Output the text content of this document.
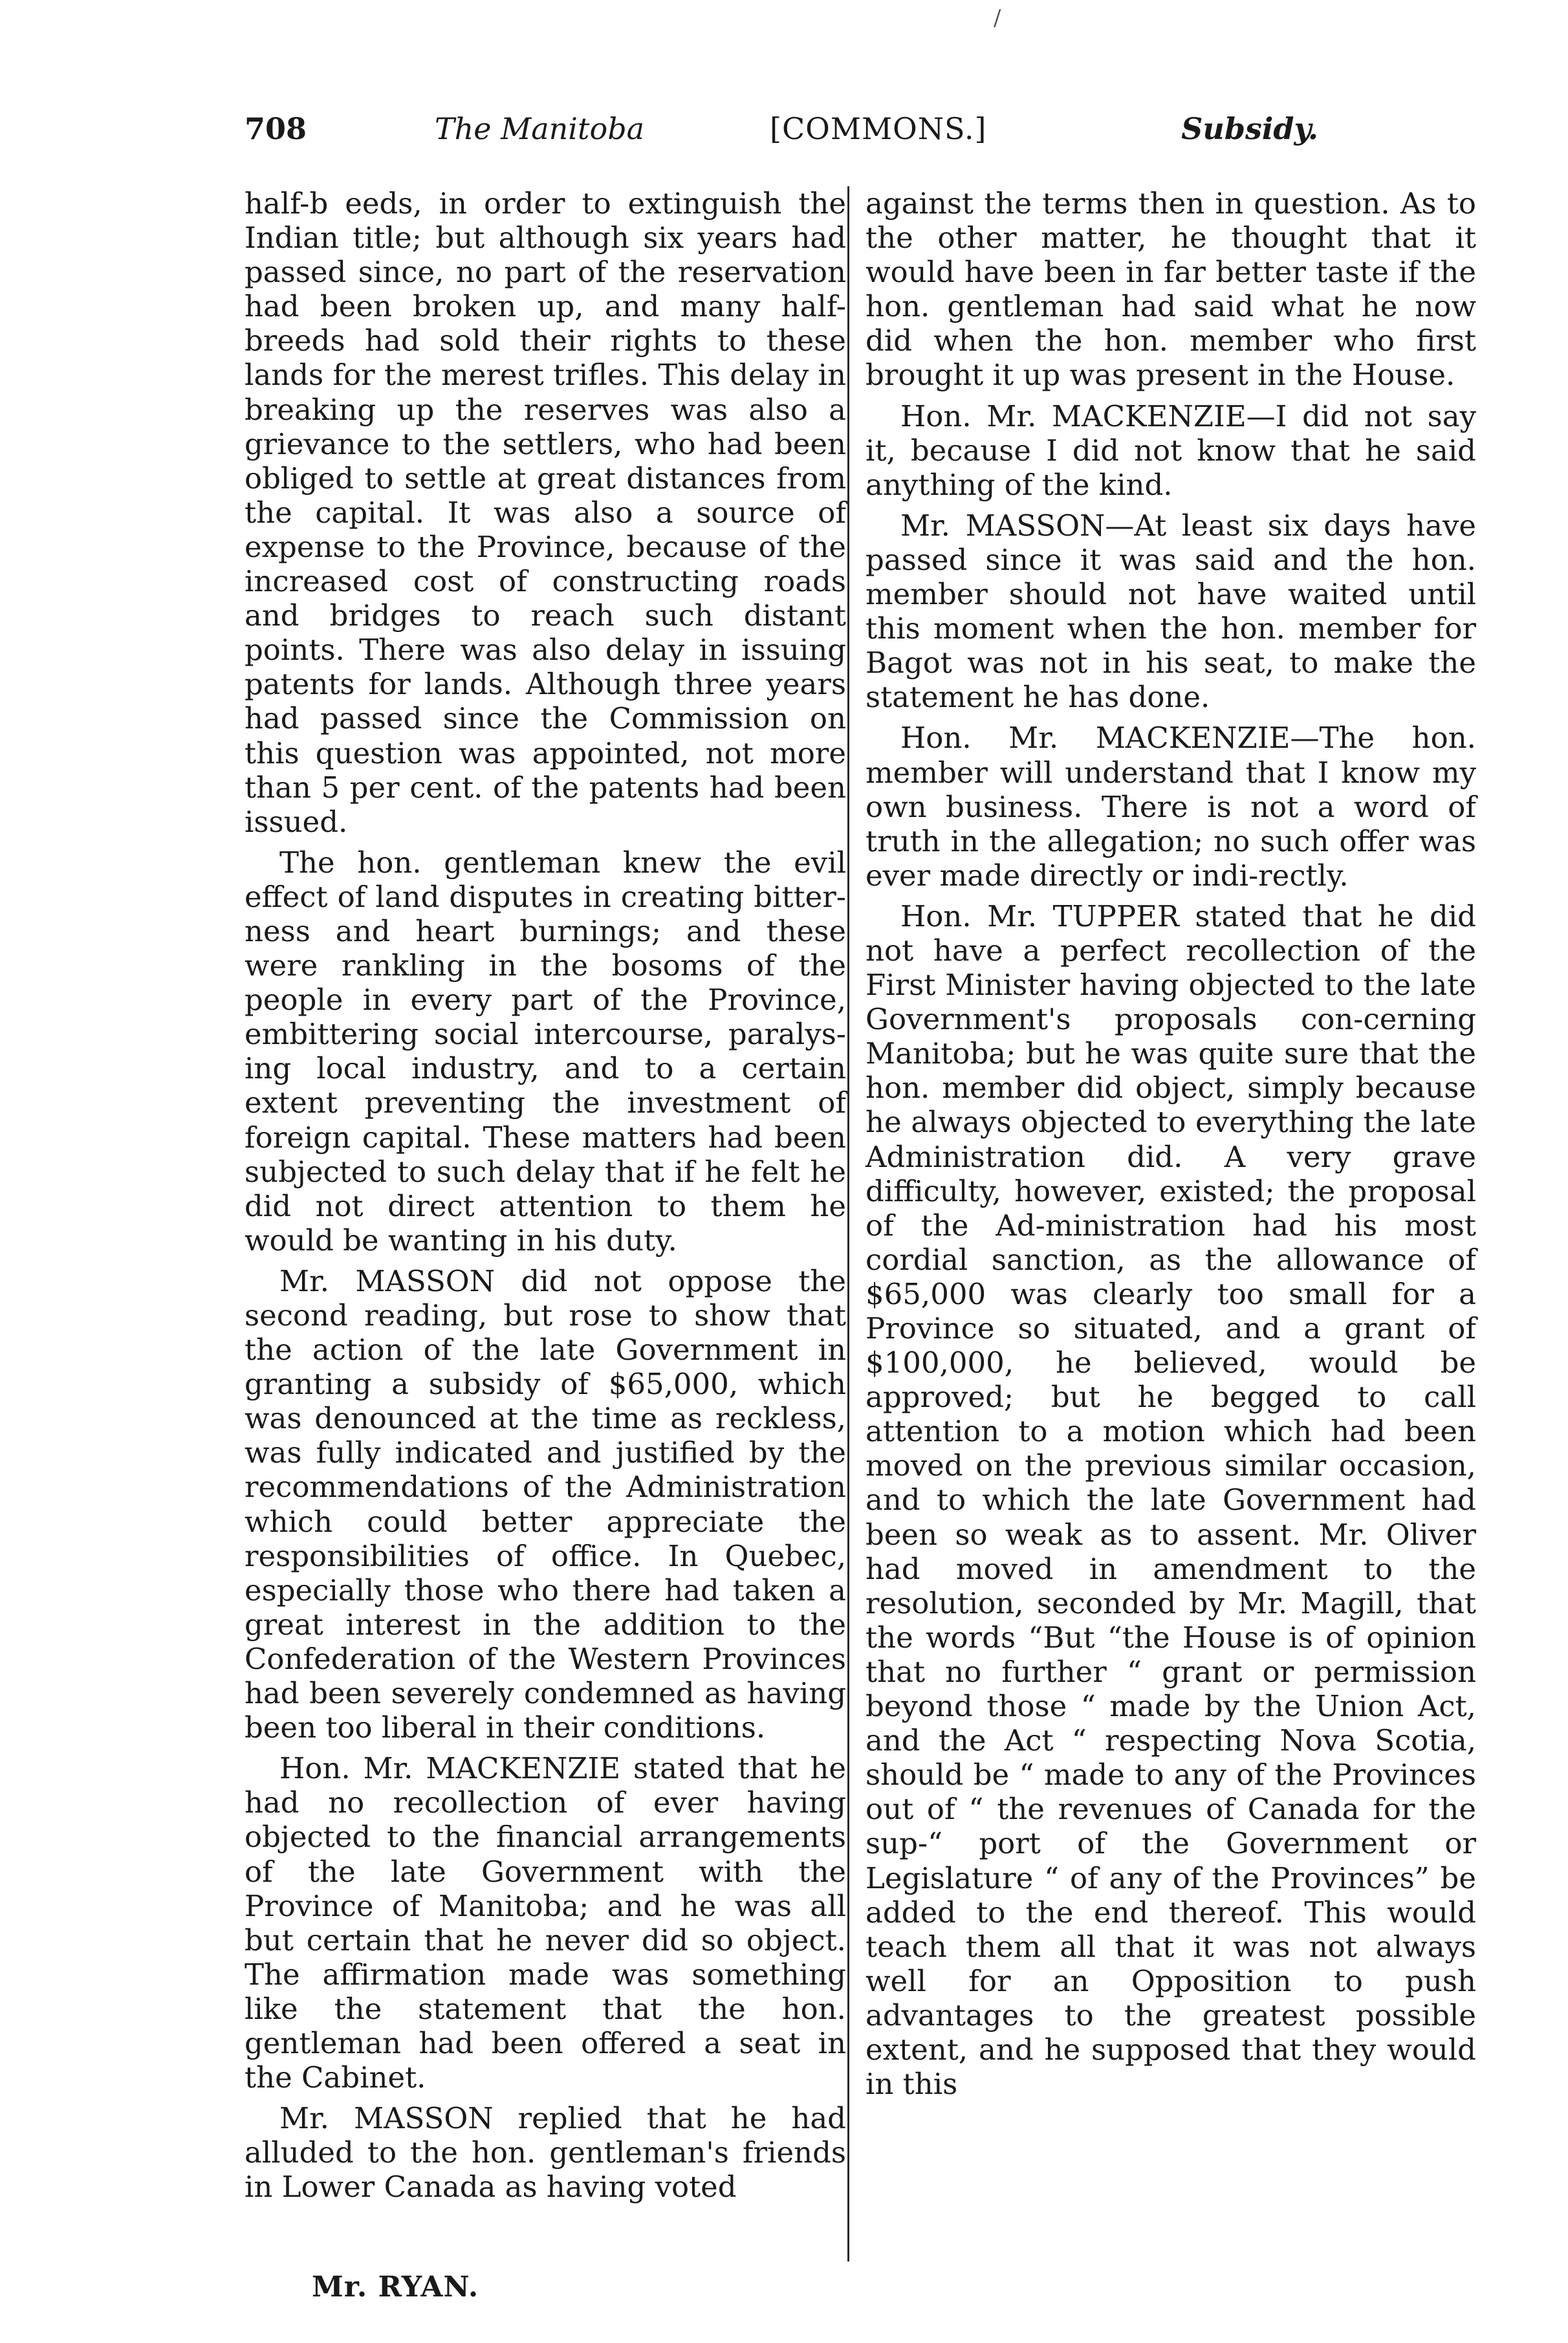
/
708	The Manitoba	[COMMONS.]	Subsidy.

half-b eeds, in order to extinguish the Indian title; but although six years had passed since, no part of the reservation had been broken up, and many half-breeds had sold their rights to these lands for the merest trifles. This delay in breaking up the reserves was also a grievance to the settlers, who had been obliged to settle at great distances from the capital. It was also a source of expense to the Province, because of the increased cost of constructing roads and bridges to reach such distant points. There was also delay in issuing patents for lands. Although three years had passed since the Commission on this question was appointed, not more than 5 per cent. of the patents had been issued.

The hon. gentleman knew the evil effect of land disputes in creating bitter-ness and heart burnings; and these were rankling in the bosoms of the people in every part of the Province, embittering social intercourse, paralys-ing local industry, and to a certain extent preventing the investment of foreign capital. These matters had been subjected to such delay that if he felt he did not direct attention to them he would be wanting in his duty.

Mr. MASSON did not oppose the second reading, but rose to show that the action of the late Government in granting a subsidy of $65,000, which was denounced at the time as reckless, was fully indicated and justified by the recommendations of the Administration which could better appreciate the responsibilities of office. In Quebec, especially those who there had taken a great interest in the addition to the Confederation of the Western Provinces had been severely condemned as having been too liberal in their conditions.

Hon. Mr. MACKENZIE stated that he had no recollection of ever having objected to the financial arrangements of the late Government with the Province of Manitoba; and he was all but certain that he never did so object. The affirmation made was something like the statement that the hon. gentleman had been offered a seat in the Cabinet.

Mr. MASSON replied that he had alluded to the hon. gentleman's friends in Lower Canada as having voted

against the terms then in question. As to the other matter, he thought that it would have been in far better taste if the hon. gentleman had said what he now did when the hon. member who first brought it up was present in the House.

Hon. Mr. MACKENZIE—I did not say it, because I did not know that he said anything of the kind.

Mr. MASSON—At least six days have passed since it was said and the hon. member should not have waited until this moment when the hon. member for Bagot was not in his seat, to make the statement he has done.

Hon. Mr. MACKENZIE—The hon. member will understand that I know my own business. There is not a word of truth in the allegation; no such offer was ever made directly or indi-rectly.

Hon. Mr. TUPPER stated that he did not have a perfect recollection of the First Minister having objected to the late Government's proposals con-cerning Manitoba; but he was quite sure that the hon. member did object, simply because he always objected to everything the late Administration did. A very grave difficulty, however, existed; the proposal of the Ad-ministration had his most cordial sanction, as the allowance of $65,000 was clearly too small for a Province so situated, and a grant of $100,000, he believed, would be approved; but he begged to call attention to a motion which had been moved on the previous similar occasion, and to which the late Government had been so weak as to assent. Mr. Oliver had moved in amendment to the resolution, seconded by Mr. Magill, that the words “But “the House is of opinion that no further “ grant or permission beyond those “ made by the Union Act, and the Act “ respecting Nova Scotia, should be “ made to any of the Provinces out of “ the revenues of Canada for the sup-“ port of the Government or Legislature “ of any of the Provinces” be added to the end thereof. This would teach them all that it was not always well for an Opposition to push advantages to the greatest possible extent, and he supposed that they would in this

Mr. RYAN.
